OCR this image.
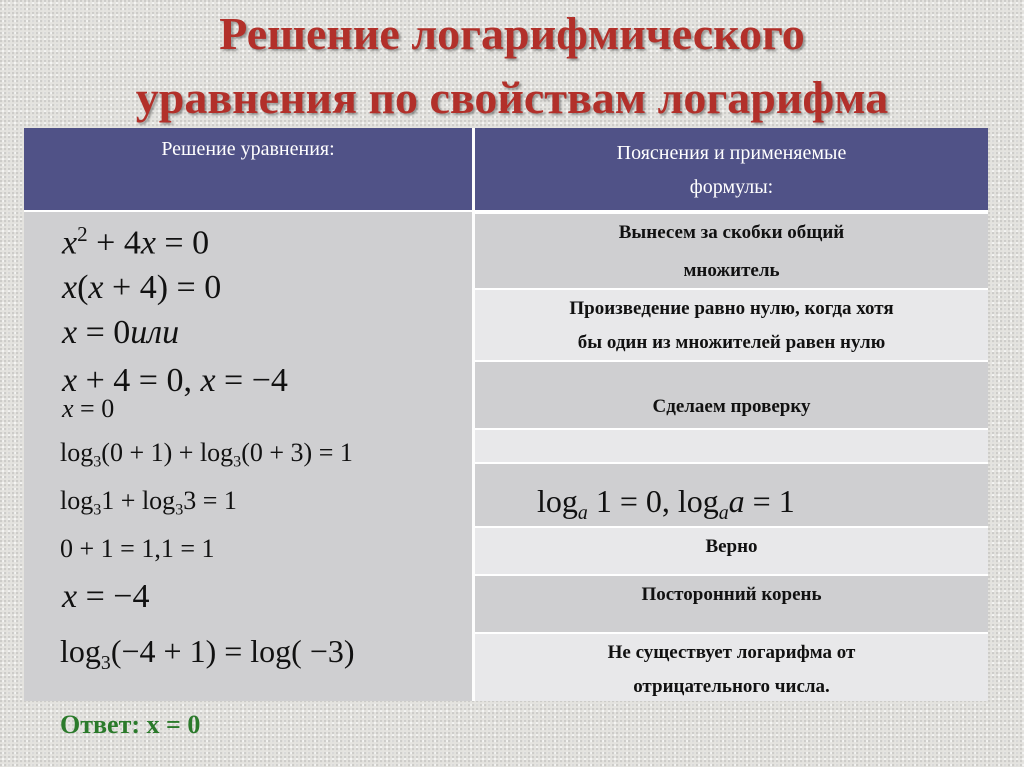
Решение логарифмического
уравнения по свойствам логарифма
Решение уравнения:	Пояснения и применяемые
формулы:
Вынесем за скобки общий
множитель
Произведение равно нулю, когда хотя
бы один из множителей равен нулю
Сделаем проверку
$\log_a 1 = 0$, $\log_aa = 1$
Верно
Посторонний корень
Не существует логарифма от
отрицательного числа.
$x^2 + 4x = 0$
x(x + 4) = 0
x = 0или
x + 4 = 0, x = −4
x = 0
$\log_3(0 + 1) + \log_3(0 + 3) = 1$
$\log_31 + \log_33 = 1$
0 + 1 = 1,1 = 1
x = −4
$\log_3(-4 + 1) = \log( -3)$
Ответ: x = 0
